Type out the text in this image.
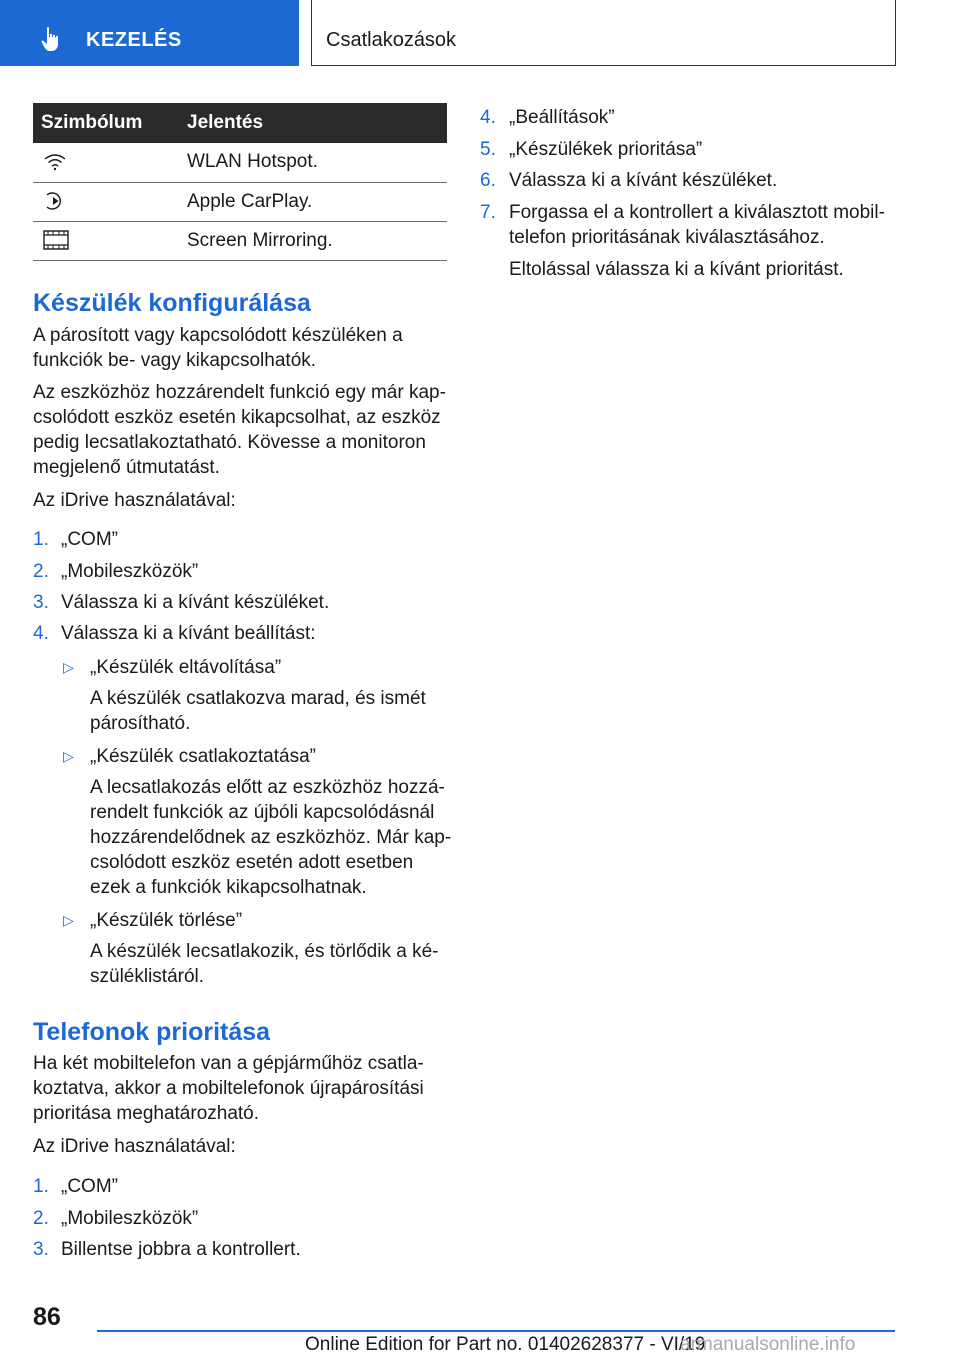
KEZELÉS	Csatlakozások
Szimbólum	Jelentés
	WLAN Hotspot.
	Apple CarPlay.
	Screen Mirroring.
Készülék konfigurálása

A párosított vagy kapcsolódott készüléken a

funkciók be- vagy kikapcsolhatók.

Az eszközhöz hozzárendelt funkció egy már kap-

csolódott eszköz esetén kikapcsolhat, az eszköz

pedig lecsatlakoztatható. Kövesse a monitoron

megjelenő útmutatást.

Az iDrive használatával:

1. „COM”
2. „Mobileszközök”
3. Válassza ki a kívánt készüléket.
4. Válassza ki a kívánt beállítást:
▷ „Készülék eltávolítása”
A készülék csatlakozva marad, és ismét
párosítható.
▷ „Készülék csatlakoztatása”
A lecsatlakozás előtt az eszközhöz hozzá-
rendelt funkciók az újbóli kapcsolódásnál
hozzárendelődnek az eszközhöz. Már kap-
csolódott eszköz esetén adott esetben
ezek a funkciók kikapcsolhatnak.
▷ „Készülék törlése”
A készülék lecsatlakozik, és törlődik a ké-
szüléklistáról.
Telefonok prioritása

Ha két mobiltelefon van a gépjárműhöz csatla-

koztatva, akkor a mobiltelefonok újrapárosítási

prioritása meghatározható.

Az iDrive használatával:

1. „COM”
2. „Mobileszközök”
3. Billentse jobbra a kontrollert.
4. „Beállítások”
5. „Készülékek prioritása”
6. Válassza ki a kívánt készüléket.
7. Forgassa el a kontrollert a kiválasztott mobil-
telefon prioritásának kiválasztásához.
Eltolással válassza ki a kívánt prioritást.
86
Online Edition for Part no. 01402628377 - VI/19
armanualsonline.info
